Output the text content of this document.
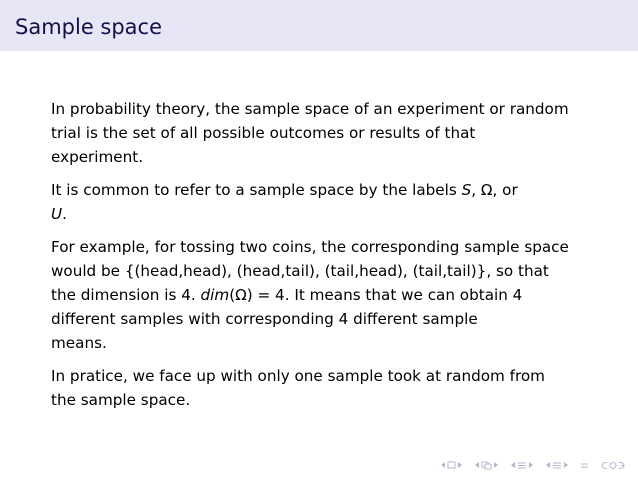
Sample space

In probability theory, the sample space of an experiment or random
trial is the set of all possible outcomes or results of that
experiment.

It is common to refer to a sample space by the labels S, Ω, or
U.

For example, for tossing two coins, the corresponding sample space
would be {(head,head), (head,tail), (tail,head), (tail,tail)}, so that
the dimension is 4. dim(Ω) = 4. It means that we can obtain 4
different samples with corresponding 4 different sample
means.

In pratice, we face up with only one sample took at random from
the sample space.
